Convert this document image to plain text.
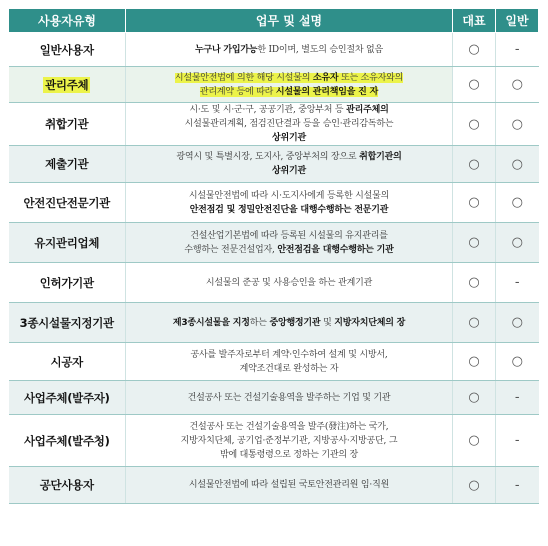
사용자유형	업무 및 설명	대표	일반
일반사용자	누구나 가입가능한 ID이며, 별도의 승인절차 없음	○	-
관리주체	시설물안전법에 의한 해당 시설물의 소유자 또는 소유자와의
관리계약 등에 따라 시설물의 관리책임을 진 자	○	○
취합기관	시·도 및 시·군·구, 공공기관, 중앙부처 등 관리주체의
시설물관리계획, 점검진단결과 등을 승인·관리감독하는
상위기관	○	○
제출기관	광역시 및 특별시장, 도지사, 중앙부처의 장으로 취합기관의
상위기관	○	○
안전진단전문기관	시설물안전법에 따라 시·도지사에게 등록한 시설물의
안전점검 및 정밀안전진단을 대행수행하는 전문기관	○	○
유지관리업체	건설산업기본법에 따라 등록된 시설물의 유지관리를
수행하는 전문건설업자, 안전점검을 대행수행하는 기관	○	○
인허가기관	시설물의 준공 및 사용승인을 하는 관계기관	○	-
3종시설물지정기관	제3종시설물을 지정하는 중앙행정기관 및 지방자치단체의 장	○	○
시공자	공사를 발주자로부터 계약·인수하여 설계 및 시방서,
계약조건대로 완성하는 자	○	○
사업주체(발주자)	건설공사 또는 건설기술용역을 발주하는 기업 및 기관	○	-
사업주체(발주청)	건설공사 또는 건설기술용역을 발주(發注)하는 국가,
지방자치단체, 공기업·준정부기관, 지방공사·지방공단, 그
밖에 대통령령으로 정하는 기관의 장	○	-
공단사용자	시설물안전법에 따라 설립된 국토안전관리원 임·직원	○	-
